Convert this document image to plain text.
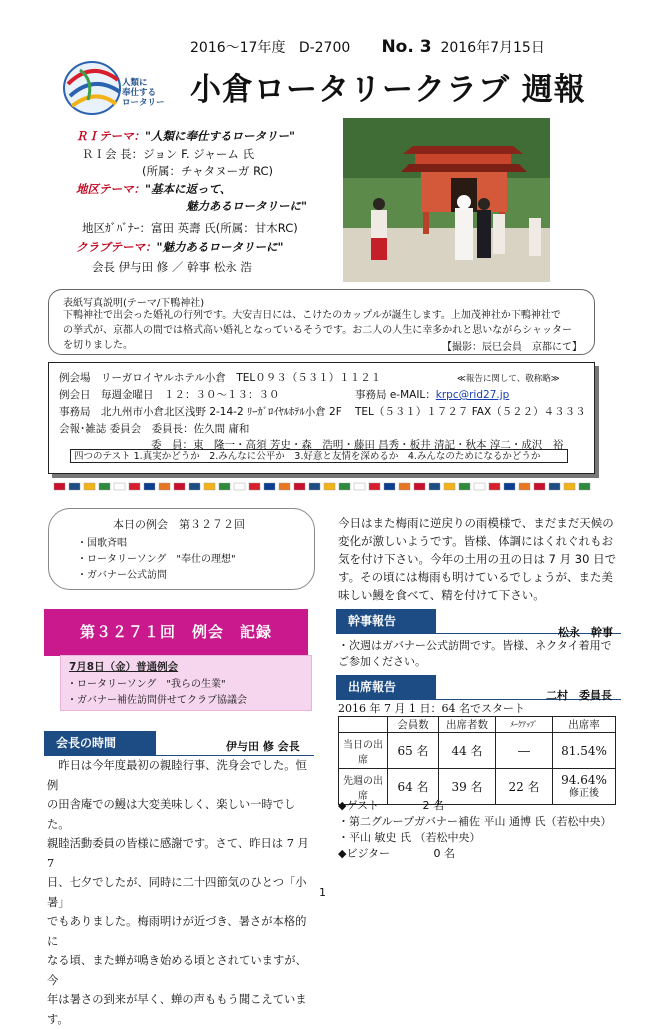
人類に
奉仕する
ロータリー
2016～17年度 D-2700 No. 3 2016年7月15日
小倉ロータリークラブ 週報
ＲＩテーマ："人類に奉仕するロータリー"
ＲＩ会 長：ジョン F. ジャーム 氏
(所属：チャタヌーガ RC)
地区テーマ："基本に返って、
魅力あるロータリーに"
地区ｶﾞﾊﾞﾅｰ：富田 英壽 氏(所属：甘木RC)
クラブテーマ："魅力あるロータリーに"
会長 伊与田 修 ／ 幹事 松永 浩
表紙写真説明(テーマ/下鴨神社)
下鴨神社で出会った婚礼の行列です。大安吉日には、こけたのカップルが誕生します。上加茂神社か下鴨神社で
の挙式が、京都人の間では格式高い婚礼となっているそうです。お二人の人生に幸多かれと思いながらシャッター
を切りました。	【撮影：辰巳会員　京都にて】
例会場　リーガロイヤルホテル小倉　TEL０９３（５３１）１１２１	≪報告に関して、敬称略≫
例会日　毎週金曜日　１２：３０～１３：３０	事務局 e-MAIL：krpc@rid27.jp
事務局　北九州市小倉北区浅野 2-14-2 ﾘｰｶﾞﾛｲﾔﾙﾎﾃﾙ小倉 2F TEL（５３１）１７２７ FAX（５２２）４３３３
会報･雑誌 委員会　委員長：佐久間 庸和
委　員：東　隆一・高須 芳史・森　浩明・藤田 昌秀・板井 清記・秋本 淳二・成沢　裕
四つのテスト 1.真実かどうか　2.みんなに公平か　3.好意と友情を深めるか　4.みんなのためになるかどうか
本日の例会　第３２７２回
・国歌斉唱
・ロータリーソング　"奉仕の理想"
・ガバナー公式訪問
今日はまた梅雨に逆戻りの雨模様で、まだまだ天候の
変化が激しいようです。皆様、体調にはくれぐれもお
気を付け下さい。今年の土用の丑の日は 7 月 30 日で
す。その頃には梅雨も明けているでしょうが、また美
味しい鰻を食べて、精を付けて下さい。
第３２７１回　例会　記録
7月8日（金）普通例会
・ロータリーソング　"我らの生業"
・ガバナー補佐訪問併せてクラブ協議会
会長の時間	伊与田 修 会長
　昨日は今年度最初の親睦行事、洗身会でした。恒例
の田舎庵での鰻は大変美味しく、楽しい一時でした。
親睦活動委員の皆様に感謝です。さて、昨日は 7 月 7
日、七夕でしたが、同時に二十四節気のひとつ「小暑」
でもありました。梅雨明けが近づき、暑さが本格的に
なる頃、また蝉が鳴き始める頃とされていますが、今
年は暑さの到来が早く、蝉の声ももう聞こえています。
幹事報告
松永　幹事
・次週はガバナー公式訪問です。皆様、ネクタイ着用で
ご参加ください。
出席報告
二村　委員長
2016 年 7 月 1 日：64 名でスタート
	会員数	出席者数	ﾒｰｸｱｯﾌﾟ	出席率
当日の出席	65 名	44 名	―	81.54%
先週の出席	64 名	39 名	22 名	94.64%
修正後
◆ゲスト	2 名
・第二グループガバナー補佐 平山 通博 氏（若松中央）
・平山 敏史 氏 （若松中央）
◆ビジター	0 名
1
